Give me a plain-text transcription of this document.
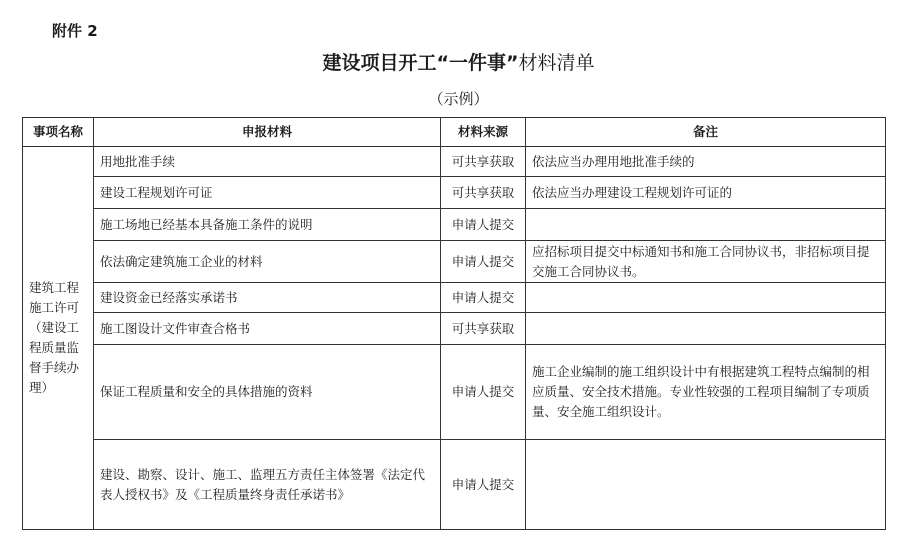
附件 2
建设项目开工“一件事”材料清单
（示例）
事项名称	申报材料	材料来源	备注
建筑工程施工许可（建设工程质量监督手续办理）	用地批准手续	可共享获取	依法应当办理用地批准手续的
	建设工程规划许可证	可共享获取	依法应当办理建设工程规划许可证的
	施工场地已经基本具备施工条件的说明	申请人提交	
	依法确定建筑施工企业的材料	申请人提交	应招标项目提交中标通知书和施工合同协议书，非招标项目提交施工合同协议书。
	建设资金已经落实承诺书	申请人提交	
	施工图设计文件审查合格书	可共享获取	
	保证工程质量和安全的具体措施的资料	申请人提交	施工企业编制的施工组织设计中有根据建筑工程特点编制的相应质量、安全技术措施。专业性较强的工程项目编制了专项质量、安全施工组织设计。
	建设、勘察、设计、施工、监理五方责任主体签署《法定代表人授权书》及《工程质量终身责任承诺书》	申请人提交	
